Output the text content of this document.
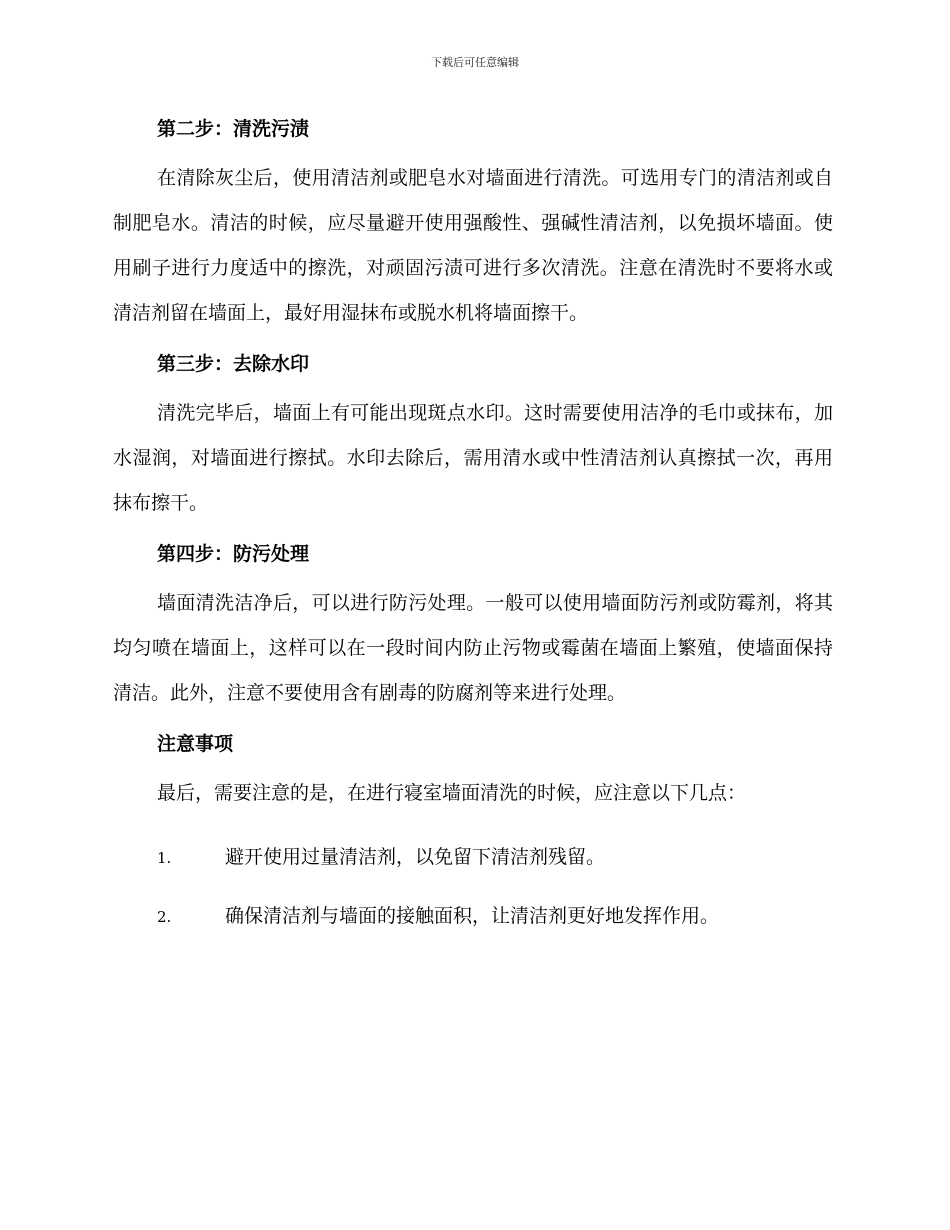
下载后可任意编辑
第二步：清洗污渍

在清除灰尘后，使用清洁剂或肥皂水对墙面进行清洗。可选用专门的清洁剂或自制肥皂水。清洁的时候，应尽量避开使用强酸性、强碱性清洁剂，以免损坏墙面。使用刷子进行力度适中的擦洗，对顽固污渍可进行多次清洗。注意在清洗时不要将水或清洁剂留在墙面上，最好用湿抹布或脱水机将墙面擦干。

第三步：去除水印

清洗完毕后，墙面上有可能出现斑点水印。这时需要使用洁净的毛巾或抹布，加水湿润，对墙面进行擦拭。水印去除后，需用清水或中性清洁剂认真擦拭一次，再用抹布擦干。

第四步：防污处理

墙面清洗洁净后，可以进行防污处理。一般可以使用墙面防污剂或防霉剂，将其均匀喷在墙面上，这样可以在一段时间内防止污物或霉菌在墙面上繁殖，使墙面保持清洁。此外，注意不要使用含有剧毒的防腐剂等来进行处理。

注意事项

最后，需要注意的是，在进行寝室墙面清洗的时候，应注意以下几点：

1.	避开使用过量清洁剂，以免留下清洁剂残留。
2.	确保清洁剂与墙面的接触面积，让清洁剂更好地发挥作用。
